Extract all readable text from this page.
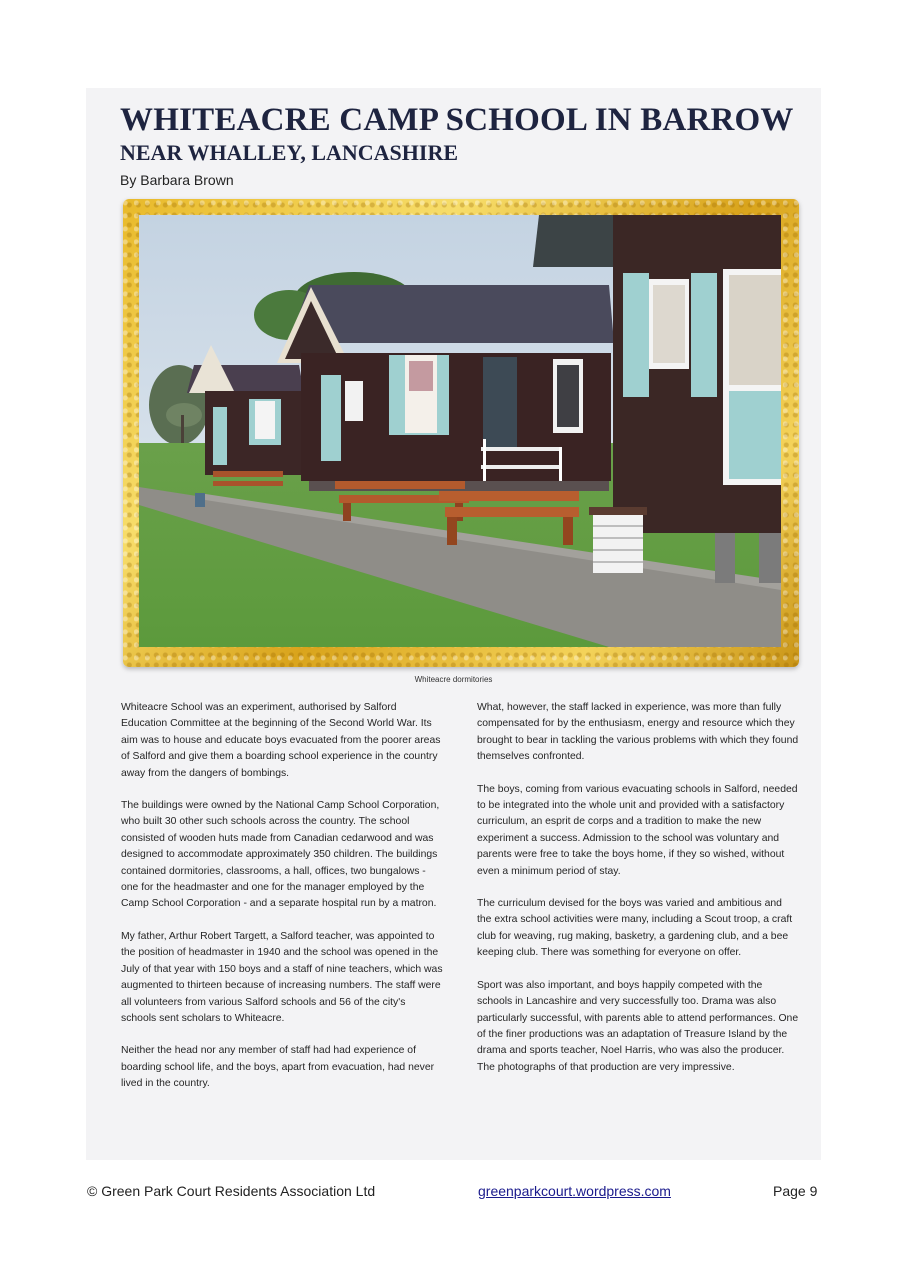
WHITEACRE CAMP SCHOOL IN BARROW
NEAR WHALLEY, LANCASHIRE
By Barbara Brown
Whiteacre dormitories

Whiteacre School was an experiment, authorised by Salford Education Committee at the beginning of the Second World War. Its aim was to house and educate boys evacuated from the poorer areas of Salford and give them a boarding school experience in the country away from the dangers of bombings.

The buildings were owned by the National Camp School Corporation, who built 30 other such schools across the country. The school consisted of wooden huts made from Canadian cedarwood and was designed to accommodate approximately 350 children. The buildings contained dormitories, classrooms, a hall, offices, two bungalows - one for the headmaster and one for the manager employed by the Camp School Corporation - and a separate hospital run by a matron.

My father, Arthur Robert Targett, a Salford teacher, was appointed to the position of headmaster in 1940 and the school was opened in the July of that year with 150 boys and a staff of nine teachers, which was augmented to thirteen because of increasing numbers. The staff were all volunteers from various Salford schools and 56 of the city's schools sent scholars to Whiteacre.

Neither the head nor any member of staff had had experience of boarding school life, and the boys, apart from evacuation, had never lived in the country.

What, however, the staff lacked in experience, was more than fully compensated for by the enthusiasm, energy and resource which they brought to bear in tackling the various problems with which they found themselves confronted.

The boys, coming from various evacuating schools in Salford, needed to be integrated into the whole unit and provided with a satisfactory curriculum, an esprit de corps and a tradition to make the new experiment a success. Admission to the school was voluntary and parents were free to take the boys home, if they so wished, without even a minimum period of stay.

The curriculum devised for the boys was varied and ambitious and the extra school activities were many, including a Scout troop, a craft club for weaving, rug making, basketry, a gardening club, and a bee keeping club. There was something for everyone on offer.

Sport was also important, and boys happily competed with the schools in Lancashire and very successfully too. Drama was also particularly successful, with parents able to attend performances. One of the finer productions was an adaptation of Treasure Island by the drama and sports teacher, Noel Harris, who was also the producer. The photographs of that production are very impressive.

© Green Park Court Residents Association Ltd	greenparkcourt.wordpress.com	Page 9
